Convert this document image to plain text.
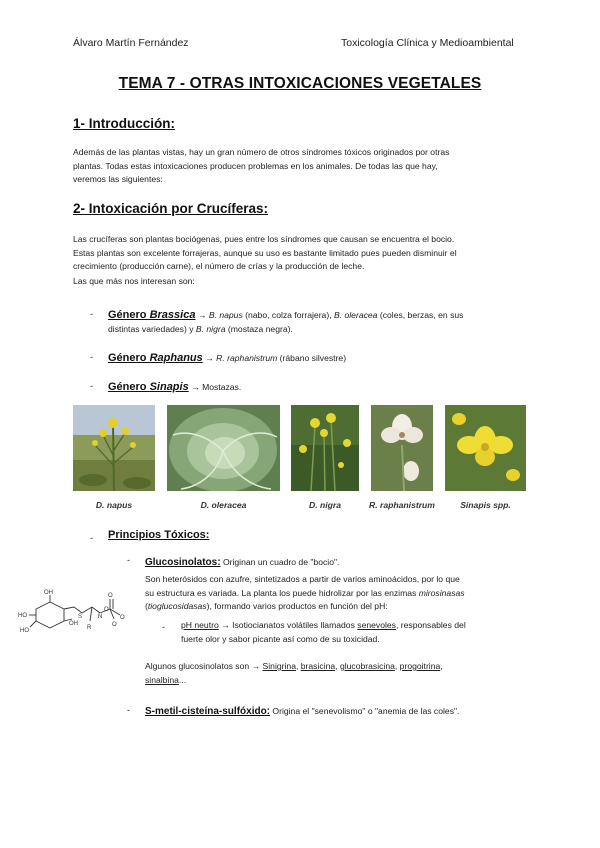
Álvaro Martín Fernández	Toxicología Clínica y Medioambiental
TEMA 7 - OTRAS INTOXICACIONES VEGETALES
1- Introducción:
Además de las plantas vistas, hay un gran número de otros síndromes tóxicos originados por otras
plantas. Todas estas intoxicaciones producen problemas en los animales. De todas las que hay,
veremos las siguientes:
2- Intoxicación por Crucíferas:
Las crucíferas son plantas bociógenas, pues entre los síndromes que causan se encuentra el bocio.
Estas plantas son excelente forrajeras, aunque su uso es bastante limitado pues pueden disminuir el
crecimiento (producción carne), el número de crías y la producción de leche.
Las que más nos interesan son:
- Género Brassica → B. napus (nabo, colza forrajera), B. oleracea (coles, berzas, en sus
distintas variedades) y B. nigra (mostaza negra).
- Género Raphanus → R. raphanistrum (rábano silvestre)
- Género Sinapis → Mostazas.
D. napus	D. oleracea	D. nigra	R. raphanistrum	Sinapis spp.
- Principios Tóxicos:
- Glucosinolatos: Originan un cuadro de "bocio".
Son heterósidos con azufre, sintetizados a partir de varios aminoácidos, por lo que
su estructura es variada. La planta los puede hidrolizar por las enzimas mirosinasas
(tioglucosidasas), formando varios productos en función del pH:
- pH neutro → Isotiocianatos volátiles llamados senevoles, responsables del
fuerte olor y sabor picante así como de su toxicidad.
Algunos glucosinolatos son → Sinigrina, brasicina, glucobrasicina, progoitrina,
sinalbina...
- S-metil-cisteína-sulfóxido: Origina el "senevolismo" o "anemia de las coles".
OH
HO
HO
OH
S	N
R
O
O
O
O
